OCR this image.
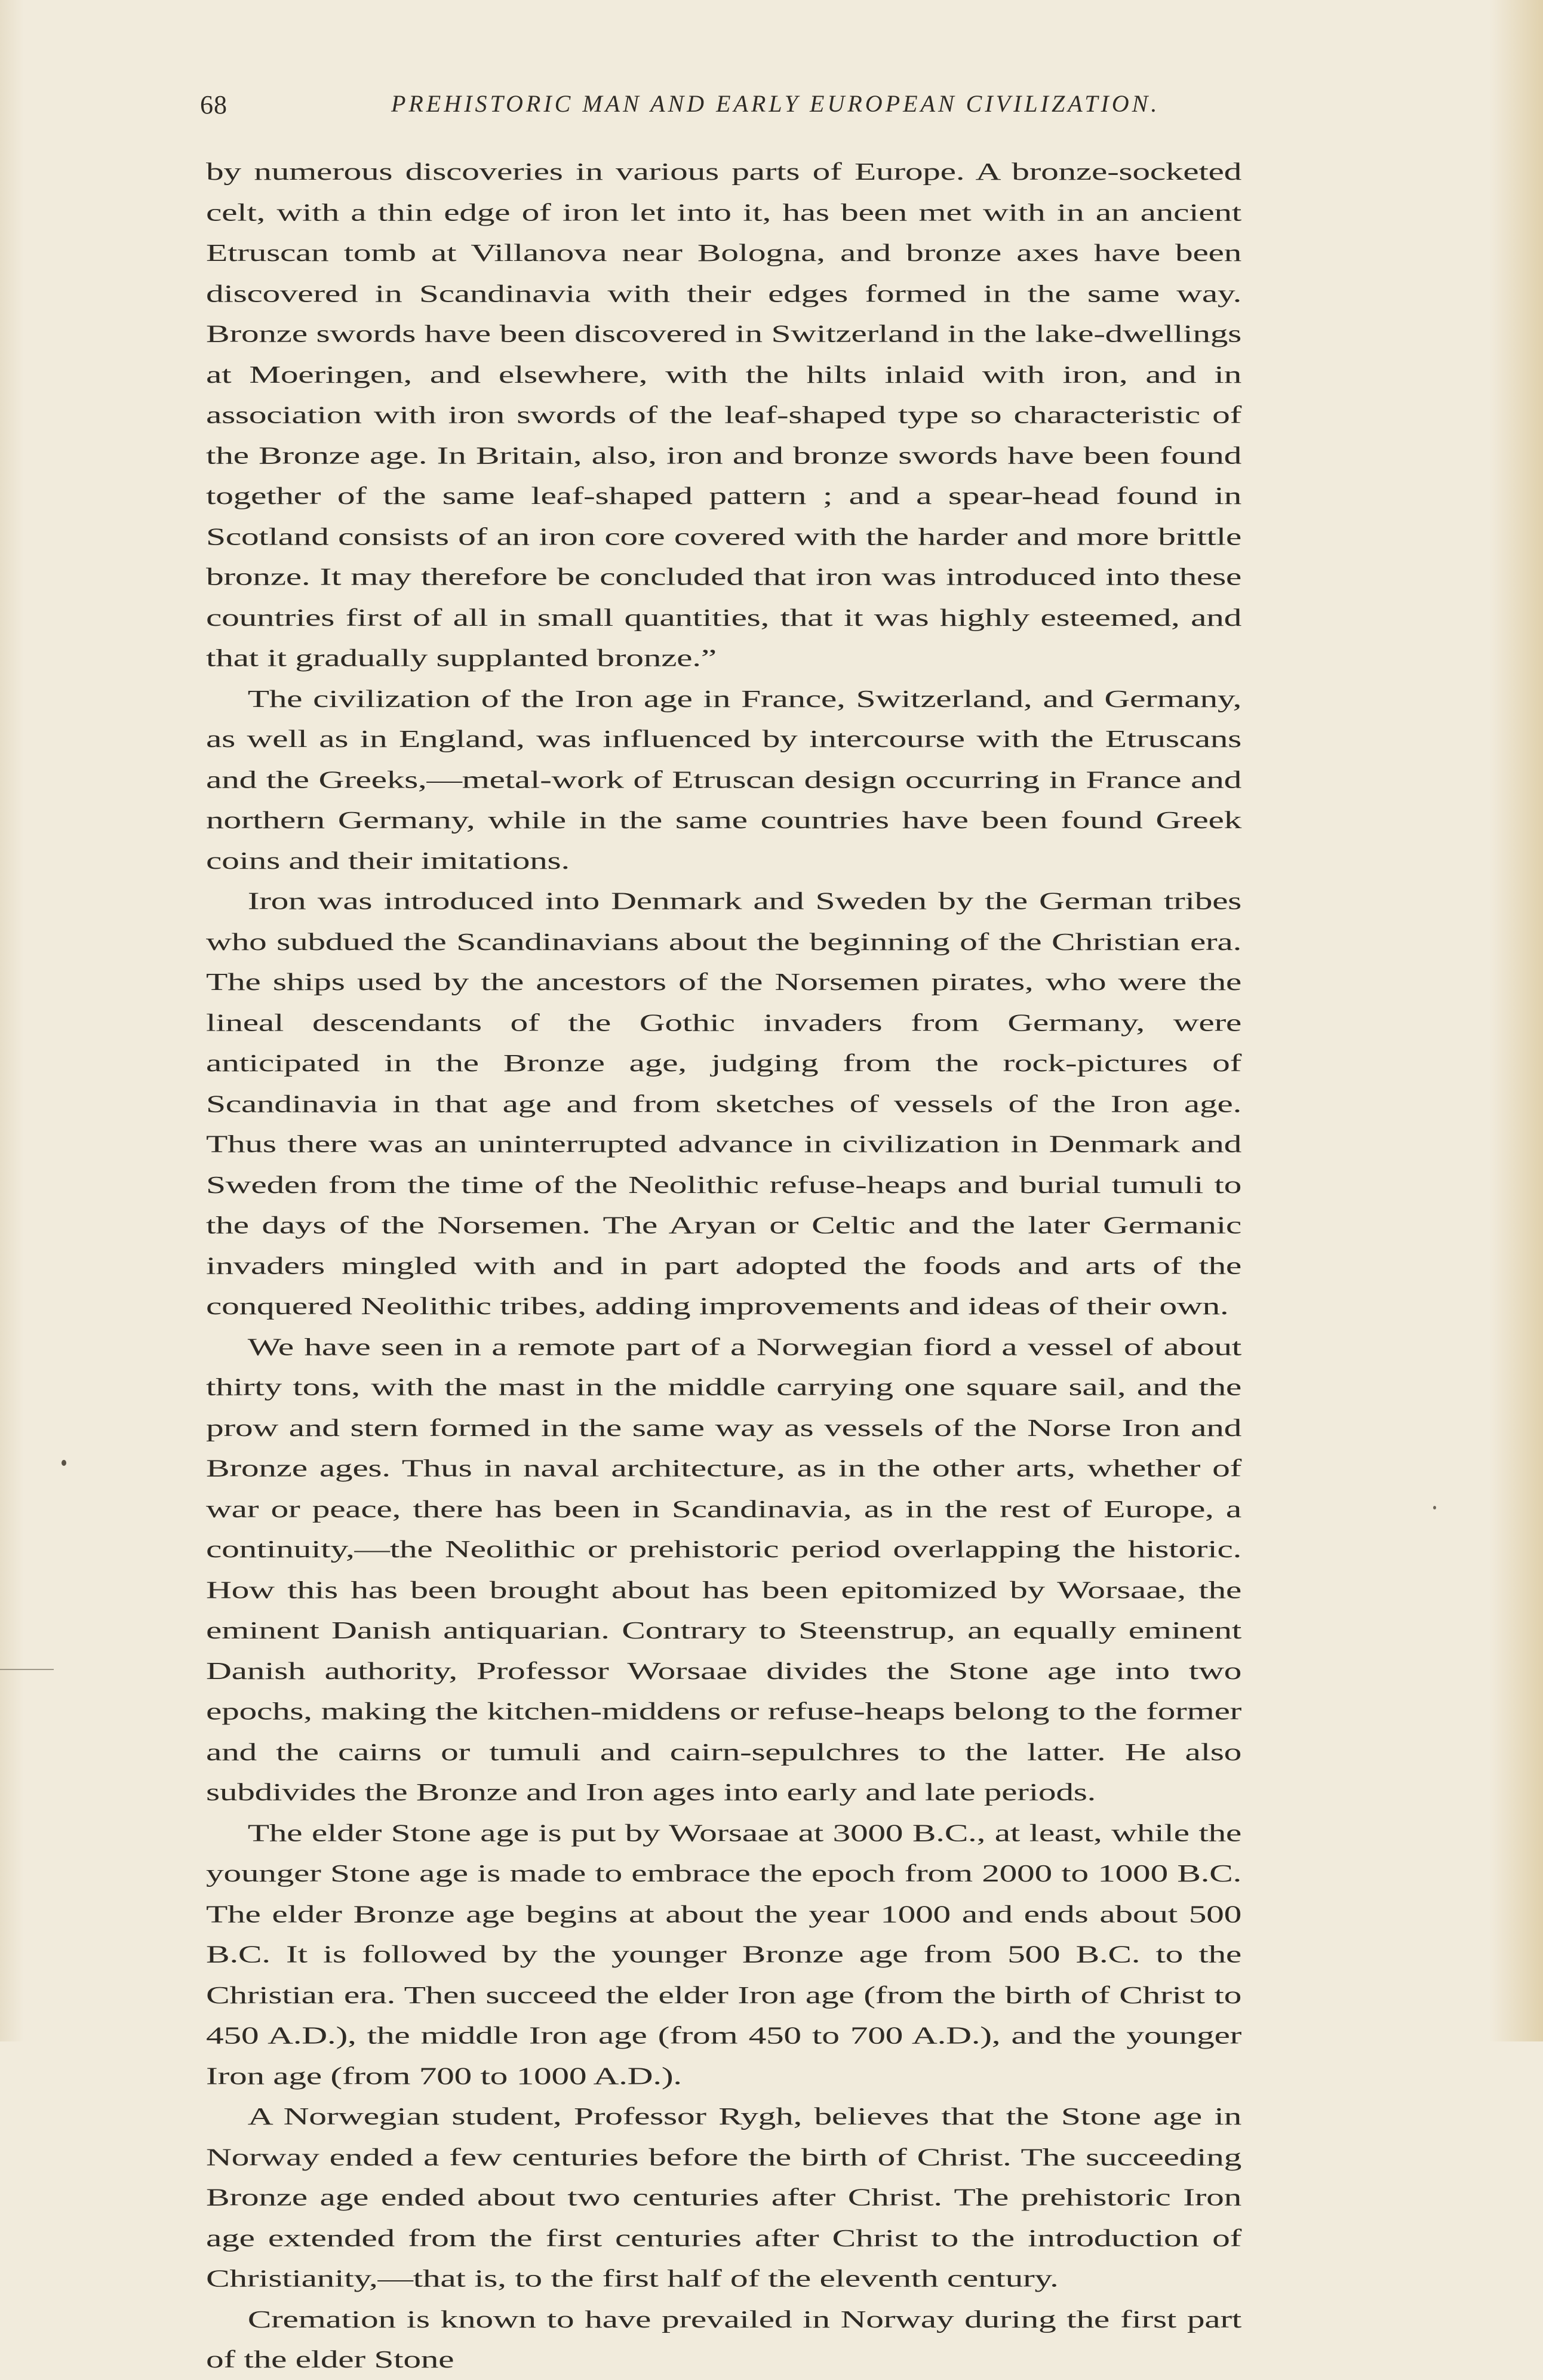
68	PREHISTORIC MAN AND EARLY EUROPEAN CIVILIZATION.

by numerous discoveries in various parts of Europe. A bronze-socketed celt, with a thin edge of iron let into it, has been met with in an ancient Etruscan tomb at Villanova near Bologna, and bronze axes have been discovered in Scandinavia with their edges formed in the same way. Bronze swords have been discovered in Switzerland in the lake-dwellings at Moeringen, and elsewhere, with the hilts inlaid with iron, and in association with iron swords of the leaf-shaped type so characteristic of the Bronze age. In Britain, also, iron and bronze swords have been found together of the same leaf-shaped pattern ; and a spear-head found in Scotland consists of an iron core covered with the harder and more brittle bronze. It may therefore be concluded that iron was introduced into these countries first of all in small quantities, that it was highly esteemed, and that it gradually supplanted bronze.”

The civilization of the Iron age in France, Switzerland, and Germany, as well as in England, was influenced by intercourse with the Etruscans and the Greeks,—metal-work of Etruscan design occurring in France and northern Germany, while in the same countries have been found Greek coins and their imitations.

Iron was introduced into Denmark and Sweden by the German tribes who subdued the Scandinavians about the beginning of the Christian era. The ships used by the ancestors of the Norsemen pirates, who were the lineal descendants of the Gothic invaders from Germany, were anticipated in the Bronze age, judging from the rock-pictures of Scandinavia in that age and from sketches of vessels of the Iron age. Thus there was an uninterrupted advance in civilization in Denmark and Sweden from the time of the Neolithic refuse-heaps and burial tumuli to the days of the Norsemen. The Aryan or Celtic and the later Germanic invaders mingled with and in part adopted the foods and arts of the conquered Neolithic tribes, adding improvements and ideas of their own.

We have seen in a remote part of a Norwegian fiord a vessel of about thirty tons, with the mast in the middle carrying one square sail, and the prow and stern formed in the same way as vessels of the Norse Iron and Bronze ages. Thus in naval architecture, as in the other arts, whether of war or peace, there has been in Scandinavia, as in the rest of Europe, a continuity,—the Neolithic or prehistoric period overlapping the historic. How this has been brought about has been epitomized by Worsaae, the eminent Danish antiquarian. Contrary to Steenstrup, an equally eminent Danish authority, Professor Worsaae divides the Stone age into two epochs, making the kitchen-middens or refuse-heaps belong to the former and the cairns or tumuli and cairn-sepulchres to the latter. He also subdivides the Bronze and Iron ages into early and late periods.

The elder Stone age is put by Worsaae at 3000 B.C., at least, while the younger Stone age is made to embrace the epoch from 2000 to 1000 B.C. The elder Bronze age begins at about the year 1000 and ends about 500 B.C. It is followed by the younger Bronze age from 500 B.C. to the Christian era. Then succeed the elder Iron age (from the birth of Christ to 450 A.D.), the middle Iron age (from 450 to 700 A.D.), and the younger Iron age (from 700 to 1000 A.D.).

A Norwegian student, Professor Rygh, believes that the Stone age in Norway ended a few centuries before the birth of Christ. The succeeding Bronze age ended about two centuries after Christ. The prehistoric Iron age extended from the first centuries after Christ to the introduction of Christianity,—that is, to the first half of the eleventh century.

Cremation is known to have prevailed in Norway during the first part of the elder Stone
